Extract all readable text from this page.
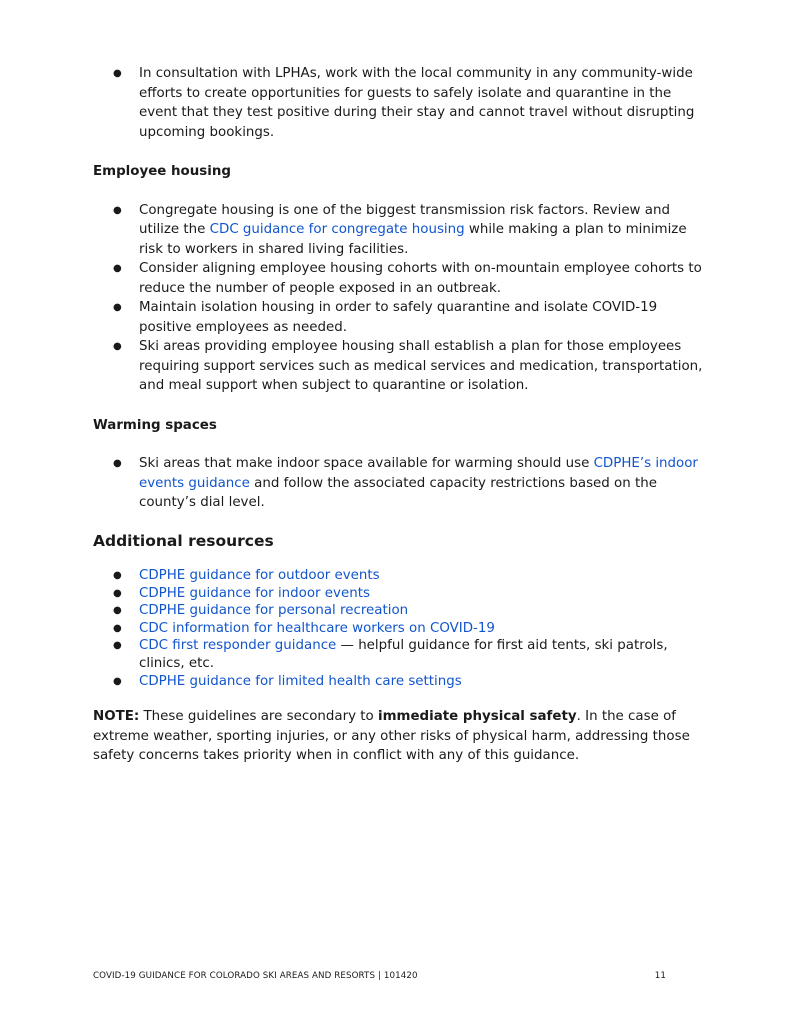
● In consultation with LPHAs, work with the local community in any community-wide efforts to create opportunities for guests to safely isolate and quarantine in the event that they test positive during their stay and cannot travel without disrupting upcoming bookings.

Employee housing

● Congregate housing is one of the biggest transmission risk factors. Review and utilize the CDC guidance for congregate housing while making a plan to minimize risk to workers in shared living facilities.
● Consider aligning employee housing cohorts with on-mountain employee cohorts to reduce the number of people exposed in an outbreak.
● Maintain isolation housing in order to safely quarantine and isolate COVID-19 positive employees as needed.
● Ski areas providing employee housing shall establish a plan for those employees requiring support services such as medical services and medication, transportation, and meal support when subject to quarantine or isolation.

Warming spaces

● Ski areas that make indoor space available for warming should use CDPHE’s indoor events guidance and follow the associated capacity restrictions based on the county’s dial level.
Additional resources
● CDPHE guidance for outdoor events
● CDPHE guidance for indoor events
● CDPHE guidance for personal recreation
● CDC information for healthcare workers on COVID-19
● CDC first responder guidance — helpful guidance for first aid tents, ski patrols, clinics, etc.
● CDPHE guidance for limited health care settings

NOTE: These guidelines are secondary to immediate physical safety. In the case of extreme weather, sporting injuries, or any other risks of physical harm, addressing those safety concerns takes priority when in conflict with any of this guidance.

COVID-19 GUIDANCE FOR COLORADO SKI AREAS AND RESORTS | 101420	11
